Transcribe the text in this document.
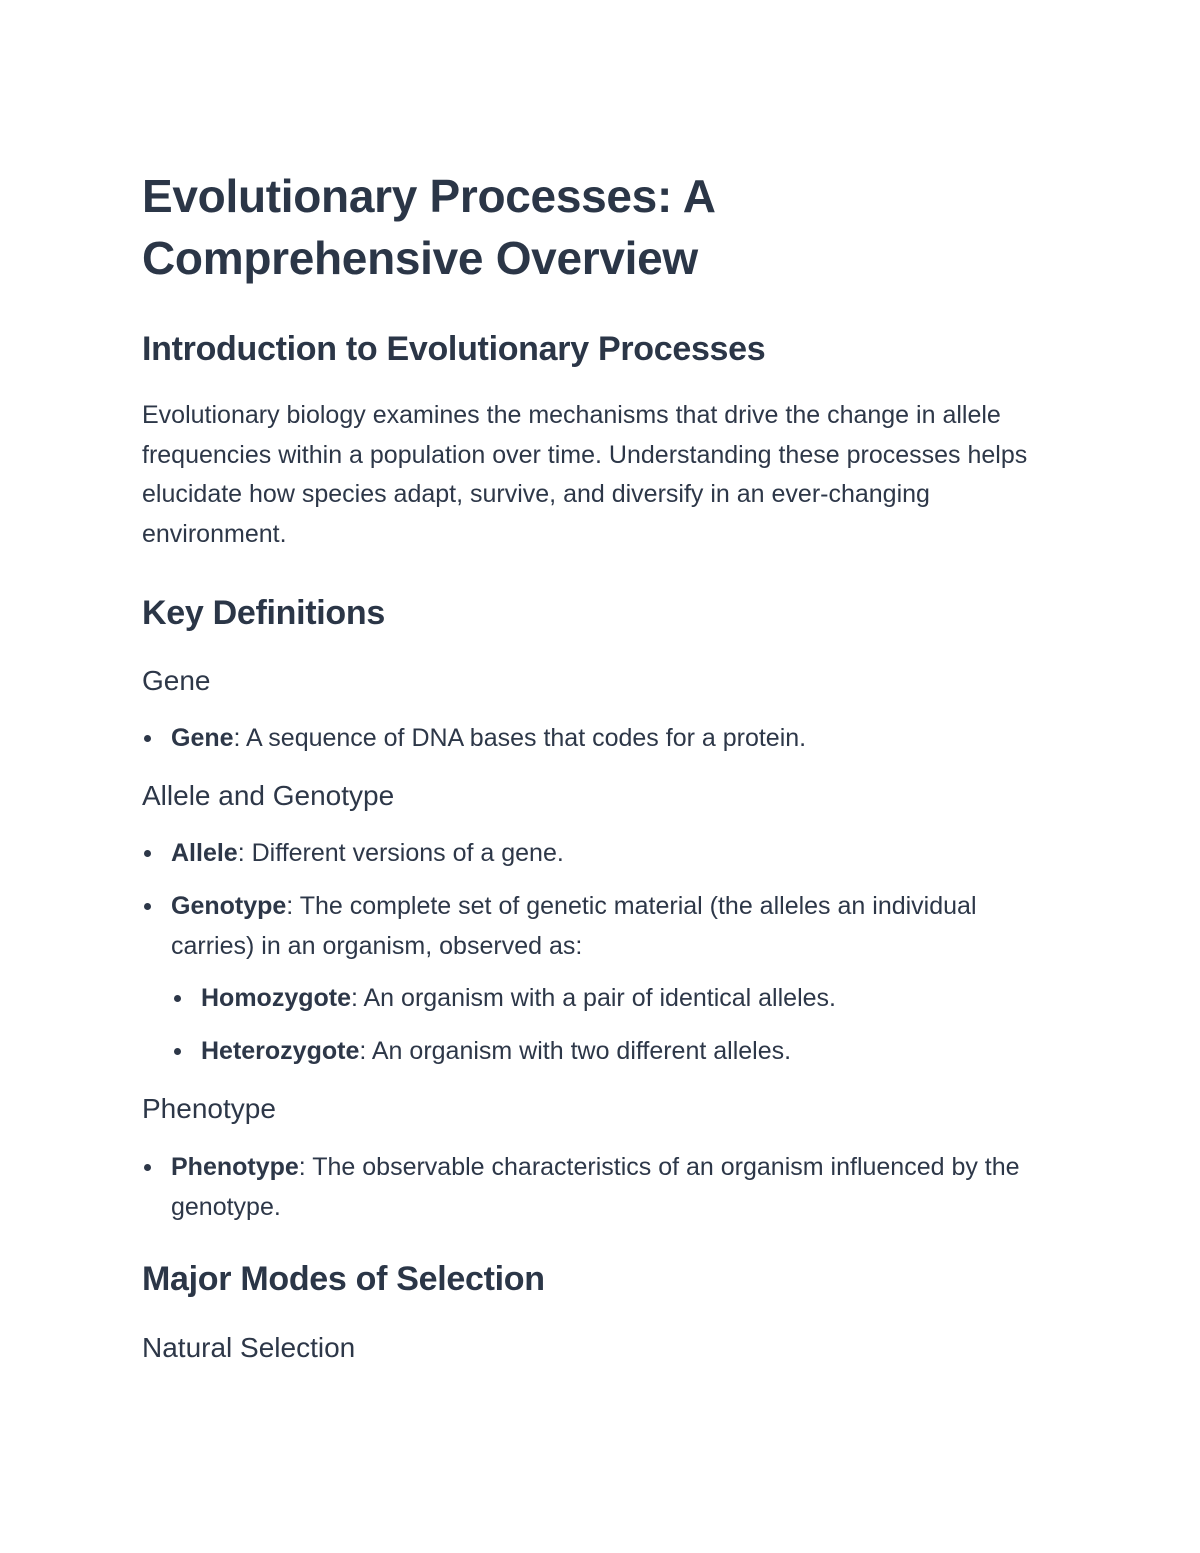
Evolutionary Processes: A Comprehensive Overview
Introduction to Evolutionary Processes

Evolutionary biology examines the mechanisms that drive the change in allele frequencies within a population over time. Understanding these processes helps elucidate how species adapt, survive, and diversify in an ever-changing environment.

Key Definitions
Gene
Gene: A sequence of DNA bases that codes for a protein.
Allele and Genotype
Allele: Different versions of a gene.
Genotype: The complete set of genetic material (the alleles an individual carries) in an organism, observed as:
Homozygote: An organism with a pair of identical alleles.
Heterozygote: An organism with two different alleles.
Phenotype
Phenotype: The observable characteristics of an organism influenced by the genotype.
Major Modes of Selection
Natural Selection
